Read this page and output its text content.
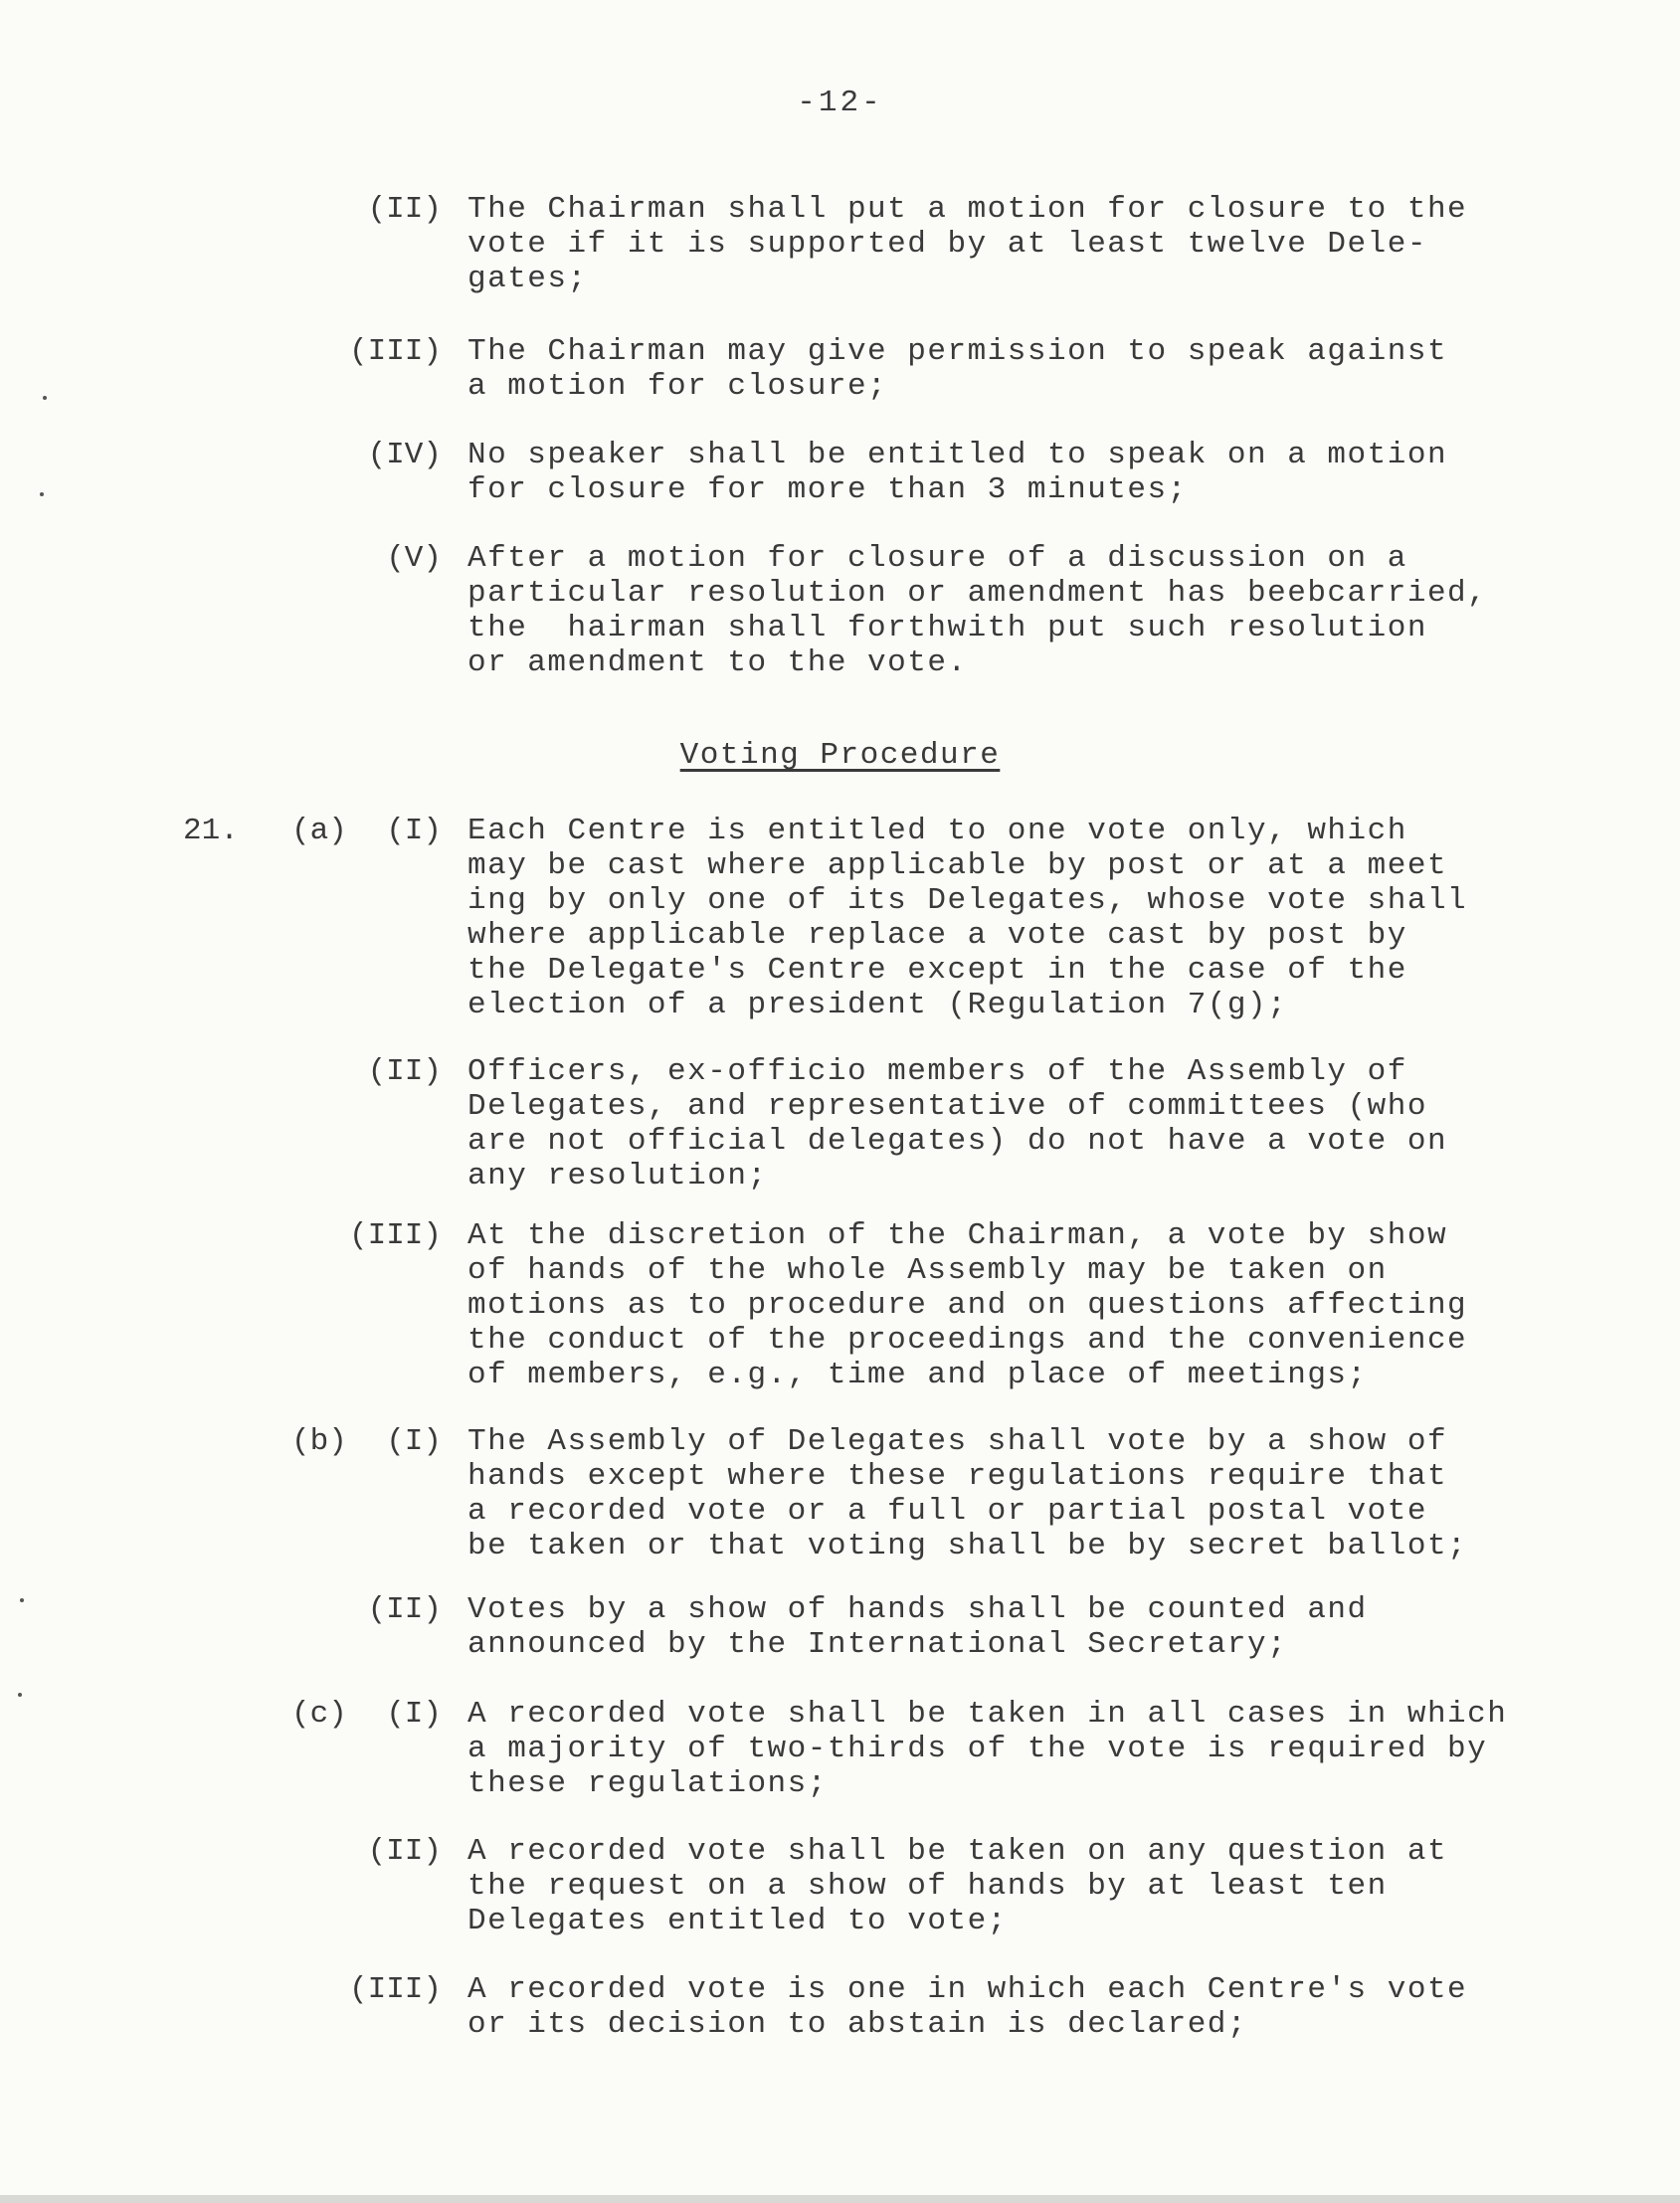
-12-
(II) The Chairman shall put a motion for closure to the
vote if it is supported by at least twelve Dele-
gates;

(III) The Chairman may give permission to speak against
a motion for closure;

(IV) No speaker shall be entitled to speak on a motion
for closure for more than 3 minutes;

(V) After a motion for closure of a discussion on a
particular resolution or amendment has beebcarried,
the  hairman shall forthwith put such resolution
or amendment to the vote.

Voting Procedure
21. (a) (I) Each Centre is entitled to one vote only, which
may be cast where applicable by post or at a meet
ing by only one of its Delegates, whose vote shall
where applicable replace a vote cast by post by
the Delegate's Centre except in the case of the
election of a president (Regulation 7(g);

(II) Officers, ex-officio members of the Assembly of
Delegates, and representative of committees (who
are not official delegates) do not have a vote on
any resolution;

(III) At the discretion of the Chairman, a vote by show
of hands of the whole Assembly may be taken on
motions as to procedure and on questions affecting
the conduct of the proceedings and the convenience
of members, e.g., time and place of meetings;

(b) (I) The Assembly of Delegates shall vote by a show of
hands except where these regulations require that
a recorded vote or a full or partial postal vote
be taken or that voting shall be by secret ballot;

(II) Votes by a show of hands shall be counted and
announced by the International Secretary;

(c) (I) A recorded vote shall be taken in all cases in which
a majority of two-thirds of the vote is required by
these regulations;

(II) A recorded vote shall be taken on any question at
the request on a show of hands by at least ten
Delegates entitled to vote;

(III) A recorded vote is one in which each Centre's vote
or its decision to abstain is declared;
